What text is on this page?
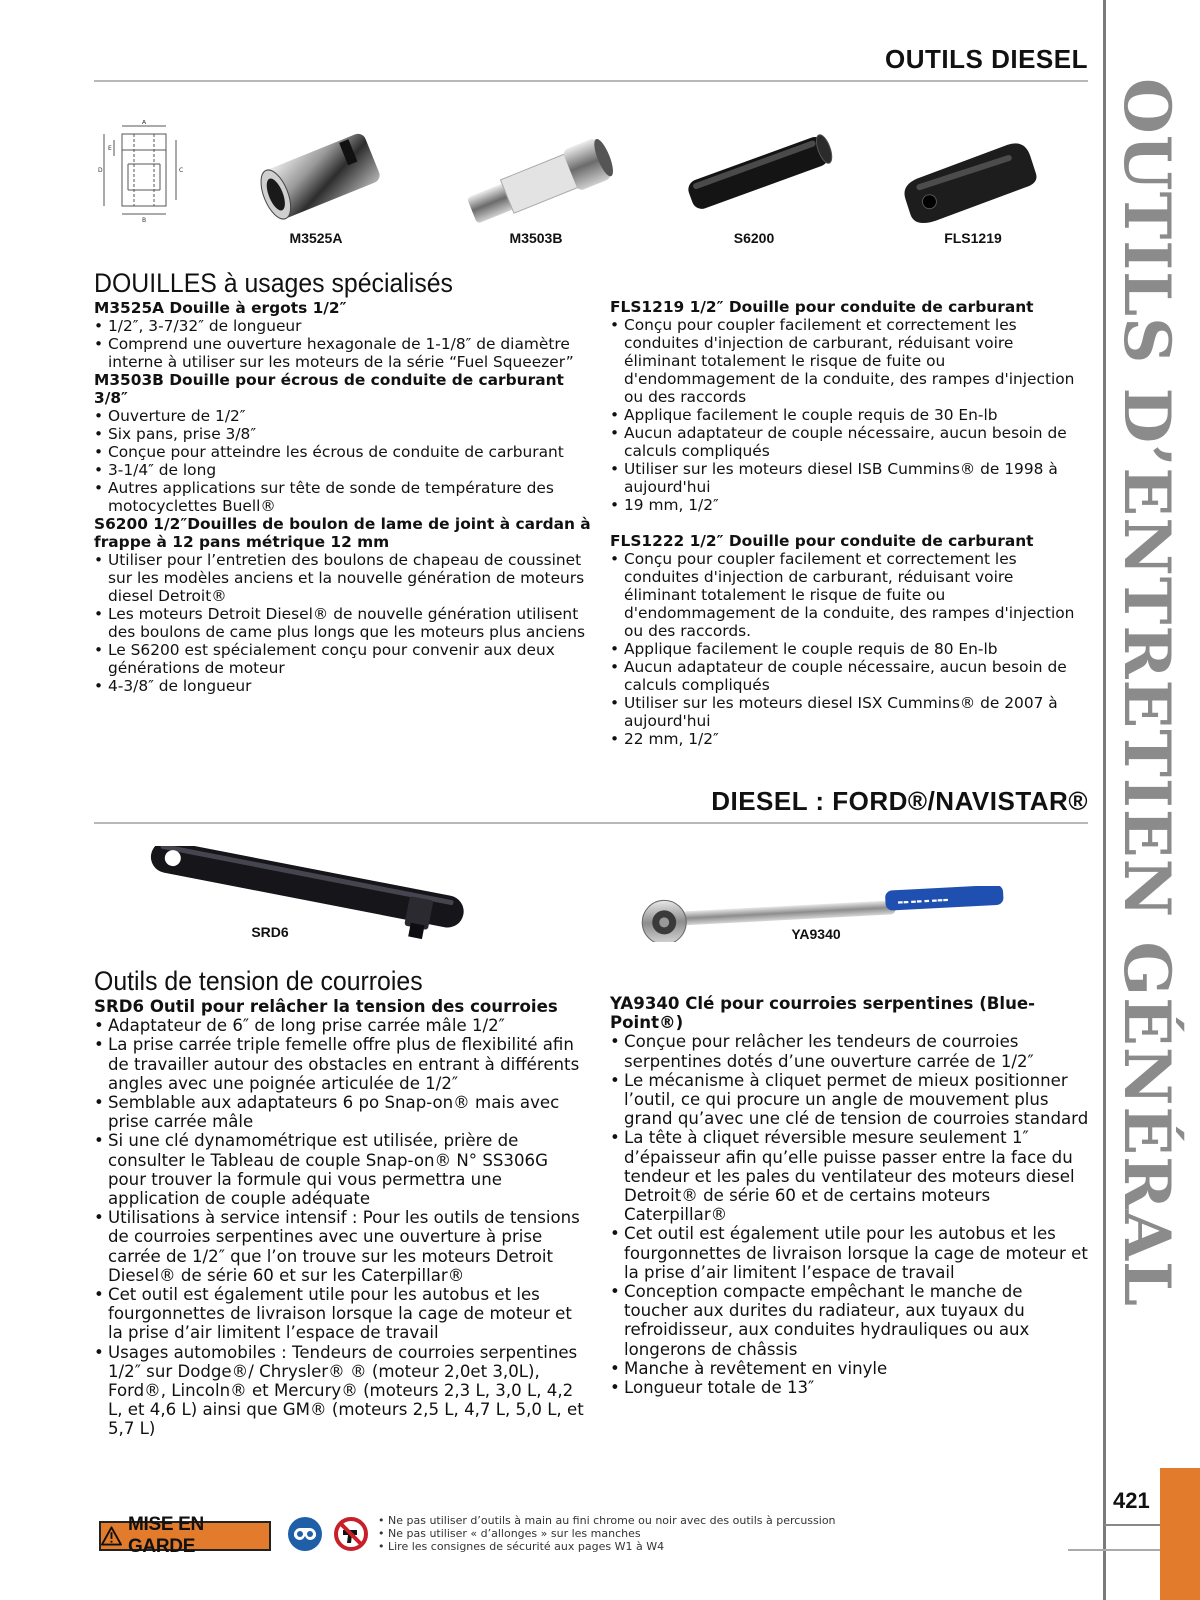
OUTILS D’ENTRETIEN GÉNÉRAL
421
OUTILS DIESEL
A
B
D	C
E
M3525A	M3503B	S6200	FLS1219
DOUILLES à usages spécialisés
M3525A Douille à ergots 1/2″
• 1/2″, 3-7/32″ de longueur
• Comprend une ouverture hexagonale de 1-1/8″ de diamètre interne à utiliser sur les moteurs de la série “Fuel Squeezer”
M3503B Douille pour écrous de conduite de carburant 3/8″
• Ouverture de 1/2″
• Six pans, prise 3/8″
• Conçue pour atteindre les écrous de conduite de carburant
• 3-1/4″ de long
• Autres applications sur tête de sonde de température des motocyclettes Buell®
S6200 1/2″Douilles de boulon de lame de joint à cardan à frappe à 12 pans métrique 12 mm
• Utiliser pour l’entretien des boulons de chapeau de coussinet sur les modèles anciens et la nouvelle génération de moteurs diesel Detroit®
• Les moteurs Detroit Diesel® de nouvelle génération utilisent des boulons de came plus longs que les moteurs plus anciens
• Le S6200 est spécialement conçu pour convenir aux deux générations de moteur
• 4-3/8″ de longueur
FLS1219 1/2″ Douille pour conduite de carburant
• Conçu pour coupler facilement et correctement les conduites d'injection de carburant, réduisant voire éliminant totalement le risque de fuite ou d'endommagement de la conduite, des rampes d'injection ou des raccords
• Applique facilement le couple requis de 30 En-lb
• Aucun adaptateur de couple nécessaire, aucun besoin de calculs compliqués
• Utiliser sur les moteurs diesel ISB Cummins® de 1998 à aujourd'hui
• 19 mm, 1/2″
FLS1222 1/2″ Douille pour conduite de carburant
• Conçu pour coupler facilement et correctement les conduites d'injection de carburant, réduisant voire éliminant totalement le risque de fuite ou d'endommagement de la conduite, des rampes d'injection ou des raccords.
• Applique facilement le couple requis de 80 En-lb
• Aucun adaptateur de couple nécessaire, aucun besoin de calculs compliqués
• Utiliser sur les moteurs diesel ISX Cummins® de 2007 à aujourd'hui
• 22 mm, 1/2″
DIESEL : FORD®/NAVISTAR®
▬▬ ▬▬ ▬ ▬▬▬
SRD6	YA9340
Outils de tension de courroies
SRD6 Outil pour relâcher la tension des courroies
• Adaptateur de 6″ de long prise carrée mâle 1/2″
• La prise carrée triple femelle offre plus de flexibilité afin de travailler autour des obstacles en entrant à différents angles avec une poignée articulée de 1/2″
• Semblable aux adaptateurs 6 po Snap-on® mais avec prise carrée mâle
• Si une clé dynamométrique est utilisée, prière de consulter le Tableau de couple Snap-on® N° SS306G pour trouver la formule qui vous permettra une application de couple adéquate
• Utilisations à service intensif : Pour les outils de tensions de courroies serpentines avec une ouverture à prise carrée de 1/2″ que l’on trouve sur les moteurs Detroit Diesel® de série 60 et sur les Caterpillar®
• Cet outil est également utile pour les autobus et les fourgonnettes de livraison lorsque la cage de moteur et la prise d’air limitent l’espace de travail
• Usages automobiles : Tendeurs de courroies serpentines 1/2″ sur Dodge®/ Chrysler® ® (moteur 2,0et 3,0L), Ford®, Lincoln® et Mercury® (moteurs 2,3 L, 3,0 L, 4,2 L, et 4,6 L) ainsi que GM® (moteurs 2,5 L, 4,7 L, 5,0 L, et 5,7 L)
YA9340 Clé pour courroies serpentines (Blue-Point®)
• Conçue pour relâcher les tendeurs de courroies serpentines dotés d’une ouverture carrée de 1/2″
• Le mécanisme à cliquet permet de mieux positionner l’outil, ce qui procure un angle de mouvement plus grand qu’avec une clé de tension de courroies standard
• La tête à cliquet réversible mesure seulement 1″ d’épaisseur afin qu’elle puisse passer entre la face du tendeur et les pales du ventilateur des moteurs diesel Detroit® de série 60 et de certains moteurs Caterpillar®
• Cet outil est également utile pour les autobus et les fourgonnettes de livraison lorsque la cage de moteur et la prise d’air limitent l’espace de travail
• Conception compacte empêchant le manche de toucher aux durites du radiateur, aux tuyaux du refroidisseur, aux conduites hydrauliques ou aux longerons de châssis
• Manche à revêtement en vinyle
• Longueur totale de 13″
MISE EN GARDE
• Ne pas utiliser d’outils à main au fini chrome ou noir avec des outils à percussion
• Ne pas utiliser « d’allonges » sur les manches
• Lire les consignes de sécurité aux pages W1 à W4
